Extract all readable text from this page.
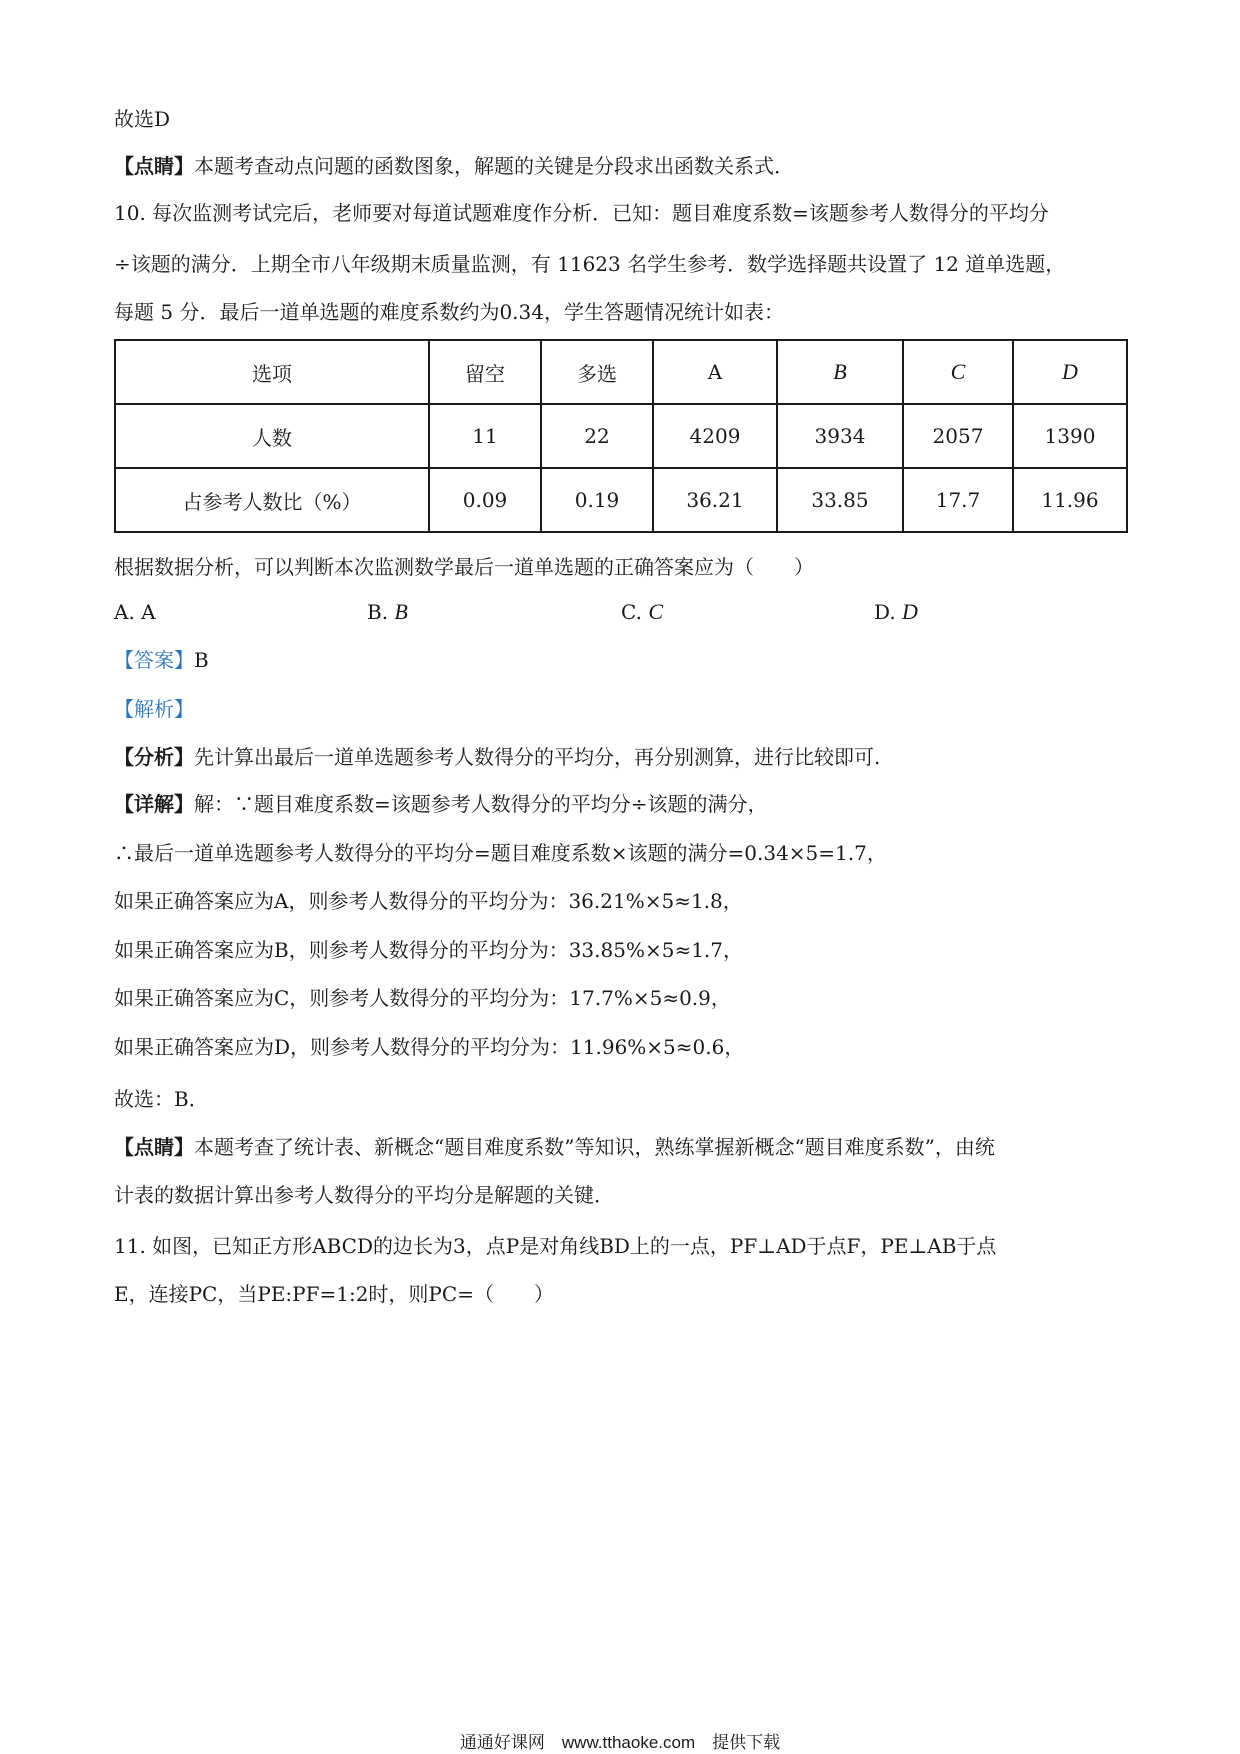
故选D
【点睛】本题考查动点问题的函数图象，解题的关键是分段求出函数关系式．
10. 每次监测考试完后，老师要对每道试题难度作分析．已知：题目难度系数=该题参考人数得分的平均分
÷该题的满分．上期全市八年级期末质量监测，有 11623 名学生参考．数学选择题共设置了 12 道单选题，
每题 5 分．最后一道单选题的难度系数约为0.34，学生答题情况统计如表：
选项	留空	多选	A	B	C	D
人数	11	22	4209	3934	2057	1390
占参考人数比（%）	0.09	0.19	36.21	33.85	17.7	11.96
根据数据分析，可以判断本次监测数学最后一道单选题的正确答案应为（　　）
A. A	B. B	C. C	D. D
【答案】B
【解析】
【分析】先计算出最后一道单选题参考人数得分的平均分，再分别测算，进行比较即可.
【详解】解：∵题目难度系数=该题参考人数得分的平均分÷该题的满分，
∴最后一道单选题参考人数得分的平均分=题目难度系数×该题的满分=0.34×5=1.7，
如果正确答案应为A，则参考人数得分的平均分为：36.21%×5≈1.8，
如果正确答案应为B，则参考人数得分的平均分为：33.85%×5≈1.7，
如果正确答案应为C，则参考人数得分的平均分为：17.7%×5≈0.9，
如果正确答案应为D，则参考人数得分的平均分为：11.96%×5≈0.6，
故选：B．
【点睛】本题考查了统计表、新概念“题目难度系数”等知识，熟练掌握新概念“题目难度系数”，由统
计表的数据计算出参考人数得分的平均分是解题的关键．
11. 如图，已知正方形ABCD的边长为3，点P是对角线BD上的一点，PF⊥AD于点F，PE⊥AB于点
E，连接PC，当PE:PF=1:2时，则PC=（　　）
通通好课网　www.tthaoke.com　提供下载
